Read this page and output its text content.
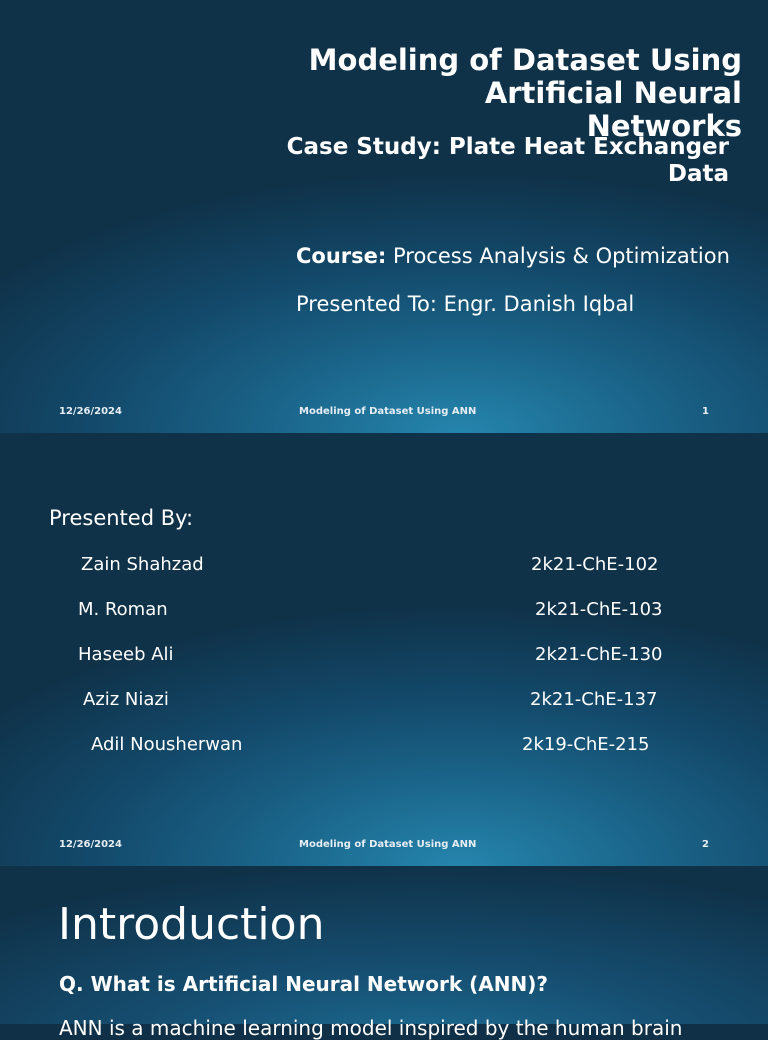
Modeling of Dataset Using
Artificial Neural
Networks
Case Study: Plate Heat Exchanger
Data
Course: Process Analysis & Optimization
Presented To: Engr. Danish Iqbal
12/26/2024	Modeling of Dataset Using ANN	1
Presented By:
Zain Shahzad	2k21-ChE-102
M. Roman	2k21-ChE-103
Haseeb Ali	2k21-ChE-130
Aziz Niazi	2k21-ChE-137
Adil Nousherwan	2k19-ChE-215
12/26/2024	Modeling of Dataset Using ANN	2
Introduction
Q. What is Artificial Neural Network (ANN)?
ANN is a machine learning model inspired by the human brain
